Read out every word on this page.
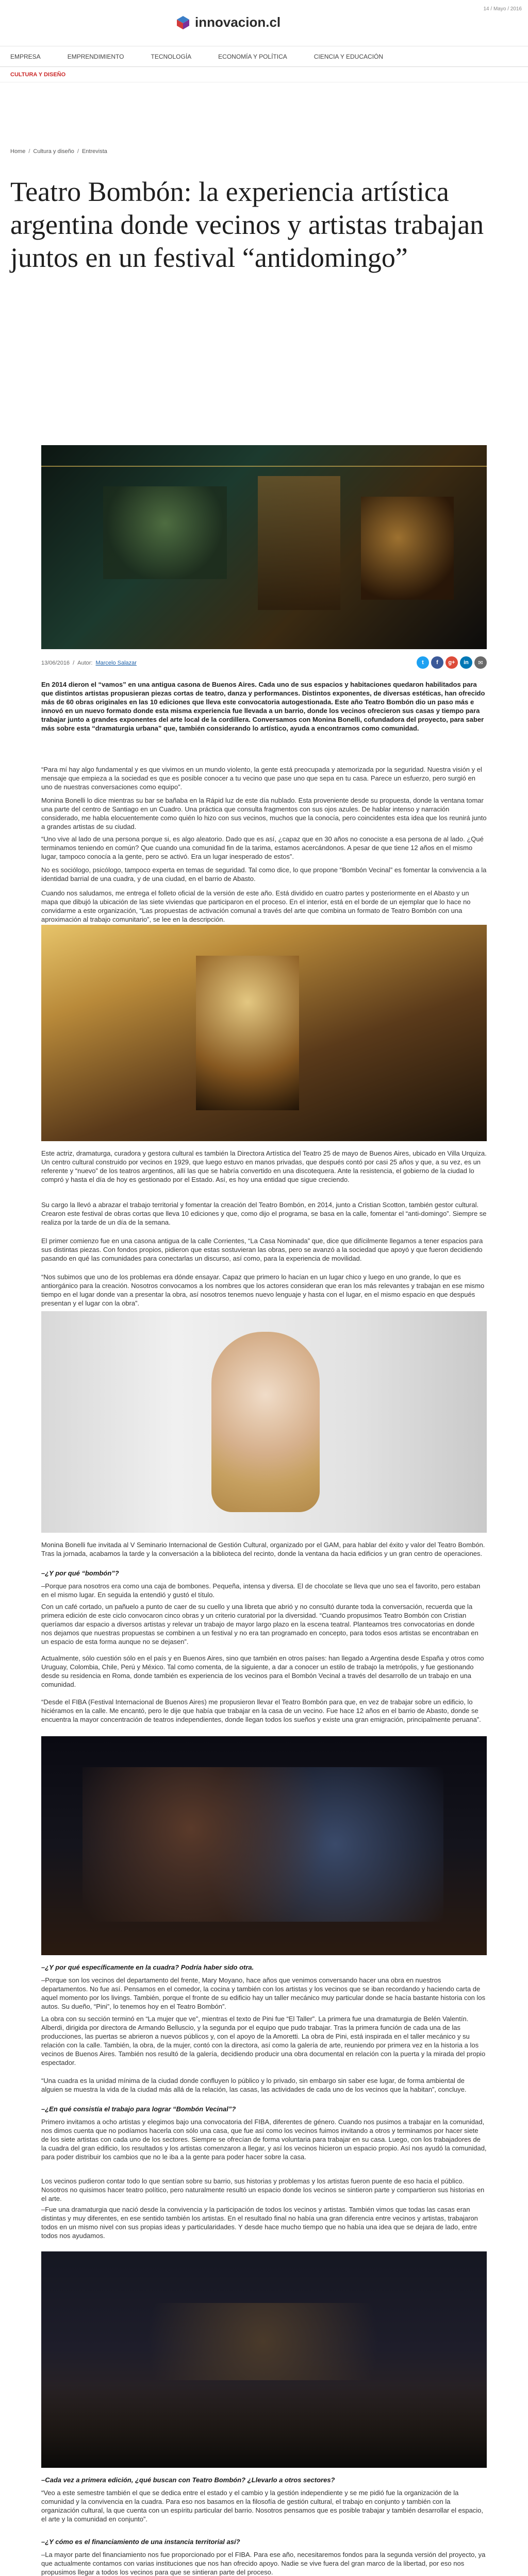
innovacion.cl
14 / Mayo / 2016
EMPRESA	EMPRENDIMIENTO	TECNOLOGÍA	ECONOMÍA Y POLÍTICA	CIENCIA Y EDUCACIÓN
CULTURA Y DISEÑO
Home / Cultura y diseño / Entrevista
Teatro Bombón: la experiencia artística argentina donde vecinos y artistas trabajan juntos en un festival “antidomingo”
13/06/2016 / Autor: Marcelo Salazar	t	f	g+	in	✉

En 2014 dieron el “vamos” en una antigua casona de Buenos Aires. Cada uno de sus espacios y habitaciones quedaron habilitados para que distintos artistas propusieran piezas cortas de teatro, danza y performances. Distintos exponentes, de diversas estéticas, han ofrecido más de 60 obras originales en las 10 ediciones que lleva este convocatoria autogestionada. Este año Teatro Bombón dio un paso más e innovó en un nuevo formato donde esta misma experiencia fue llevada a un barrio, donde los vecinos ofrecieron sus casas y tiempo para trabajar junto a grandes exponentes del arte local de la cordillera. Conversamos con Monina Bonelli, cofundadora del proyecto, para saber más sobre esta “dramaturgia urbana” que, también considerando lo artístico, ayuda a encontrarnos como comunidad.

“Para mí hay algo fundamental y es que vivimos en un mundo violento, la gente está preocupada y atemorizada por la seguridad. Nuestra visión y el mensaje que empieza a la sociedad es que es posible conocer a tu vecino que pase uno que sepa en tu casa. Parece un esfuerzo, pero surgió en uno de nuestras conversaciones como equipo”.

Monina Bonelli lo dice mientras su bar se bañaba en la Rápid luz de este día nublado. Esta proveniente desde su propuesta, donde la ventana tomar una parte del centro de Santiago en un Cuadro. Una práctica que consulta fragmentos con sus ojos azules. De hablar intenso y narración considerado, me habla elocuentemente como quién lo hizo con sus vecinos, muchos que la conocía, pero coincidentes esta idea que los reunirá junto a grandes artistas de su ciudad.

“Uno vive al lado de una persona porque si, es algo aleatorio. Dado que es así, ¿capaz que en 30 años no conociste a esa persona de al lado. ¿Qué terminamos teniendo en común? Que cuando una comunidad fin de la tarima, estamos acercándonos. A pesar de que tiene 12 años en el mismo lugar, tampoco conocía a la gente, pero se activó. Era un lugar inesperado de estos”.

No es sociólogo, psicólogo, tampoco experta en temas de seguridad. Tal como dice, lo que propone “Bombón Vecinal” es fomentar la convivencia a la identidad barrial de una cuadra, y de una ciudad, en el barrio de Abasto.

Cuando nos saludamos, me entrega el folleto oficial de la versión de este año. Está dividido en cuatro partes y posteriormente en el Abasto y un mapa que dibujó la ubicación de las siete viviendas que participaron en el proceso. En el interior, está en el borde de un ejemplar que lo hace no convidarme a este organización, “Las propuestas de activación comunal a través del arte que combina un formato de Teatro Bombón con una aproximación al trabajo comunitario”, se lee en la descripción.

Este actriz, dramaturga, curadora y gestora cultural es también la Directora Artística del Teatro 25 de mayo de Buenos Aires, ubicado en Villa Urquiza. Un centro cultural construido por vecinos en 1929, que luego estuvo en manos privadas, que después contó por casi 25 años y que, a su vez, es un referente y “nuevo” de los teatros argentinos, allí las que se habría convertido en una discotequera. Ante la resistencia, el gobierno de la ciudad lo compró y hasta el día de hoy es gestionado por el Estado. Así, es hoy una entidad que sigue creciendo.

Su cargo la llevó a abrazar el trabajo territorial y fomentar la creación del Teatro Bombón, en 2014, junto a Cristian Scotton, también gestor cultural. Crearon este festival de obras cortas que lleva 10 ediciones y que, como dijo el programa, se basa en la calle, fomentar el “anti-domingo”. Siempre se realiza por la tarde de un día de la semana.

El primer comienzo fue en una casona antigua de la calle Corrientes, “La Casa Nominada” que, dice que difícilmente llegamos a tener espacios para sus distintas piezas. Con fondos propios, pidieron que estas sostuvieran las obras, pero se avanzó a la sociedad que apoyó y que fueron decidiendo pasando en qué las comunidades para conectarlas un discurso, así como, para la experiencia de movilidad.

“Nos subimos que uno de los problemas era dónde ensayar. Capaz que primero lo hacían en un lugar chico y luego en uno grande, lo que es antiorgánico para la creación. Nosotros convocamos a los nombres que los actores consideran que eran los más relevantes y trabajan en ese mismo tiempo en el lugar donde van a presentar la obra, así nosotros tenemos nuevo lenguaje y hasta con el lugar, en el mismo espacio en que después presentan y el lugar con la obra”.

Monina Bonelli fue invitada al V Seminario Internacional de Gestión Cultural, organizado por el GAM, para hablar del éxito y valor del Teatro Bombón. Tras la jornada, acabamos la tarde y la conversación a la biblioteca del recinto, donde la ventana da hacia edificios y un gran centro de operaciones.

–¿Y por qué “bombón”?

–Porque para nosotros era como una caja de bombones. Pequeña, intensa y diversa. El de chocolate se lleva que uno sea el favorito, pero estaban en el mismo lugar. En seguida la entendió y gustó el título.

Con un café cortado, un pañuelo a punto de caer de su cuello y una libreta que abrió y no consultó durante toda la conversación, recuerda que la primera edición de este ciclo convocaron cinco obras y un criterio curatorial por la diversidad. “Cuando propusimos Teatro Bombón con Cristian queríamos dar espacio a diversos artistas y relevar un trabajo de mayor largo plazo en la escena teatral. Planteamos tres convocatorias en donde nos dejamos que nuestras propuestas se combinen a un festival y no era tan programado en concepto, para todos esos artistas se encontraban en un espacio de esta forma aunque no se dejasen”.

Actualmente, sólo cuestión sólo en el país y en Buenos Aires, sino que también en otros países: han llegado a Argentina desde España y otros como Uruguay, Colombia, Chile, Perú y México. Tal como comenta, de la siguiente, a dar a conocer un estilo de trabajo la metrópolis, y fue gestionando desde su residencia en Roma, donde también es experiencia de los vecinos para el Bombón Vecinal a través del desarrollo de un trabajo en una comunidad.

“Desde el FIBA (Festival Internacional de Buenos Aires) me propusieron llevar el Teatro Bombón para que, en vez de trabajar sobre un edificio, lo hiciéramos en la calle. Me encantó, pero le dije que había que trabajar en la casa de un vecino. Fue hace 12 años en el barrio de Abasto, donde se encuentra la mayor concentración de teatros independientes, donde llegan todos los sueños y existe una gran emigración, principalmente peruana”.

–¿Y por qué específicamente en la cuadra? Podría haber sido otra.

–Porque son los vecinos del departamento del frente, Mary Moyano, hace años que venimos conversando hacer una obra en nuestros departamentos. No fue así. Pensamos en el comedor, la cocina y también con los artistas y los vecinos que se iban recordando y haciendo carta de aquel momento por los livings. También, porque el fronte de su edificio hay un taller mecánico muy particular donde se hacía bastante historia con los autos. Su dueño, “Pini”, lo tenemos hoy en el Teatro Bombón”.

La obra con su sección terminó en “La mujer que ve”, mientras el texto de Pini fue “El Taller”. La primera fue una dramaturgia de Belén Valentín. Alberdi, dirigida por directora de Armando Belluscio, y la segunda por el equipo que pudo trabajar. Tras la primera función de cada una de las producciones, las puertas se abrieron a nuevos públicos y, con el apoyo de la Amoretti. La obra de Pini, está inspirada en el taller mecánico y su relación con la calle. También, la obra, de la mujer, contó con la directora, así como la galería de arte, reuniendo por primera vez en la historia a los vecinos de Buenos Aires. También nos resultó de la galería, decidiendo producir una obra documental en relación con la puerta y la mirada del propio espectador.

“Una cuadra es la unidad mínima de la ciudad donde confluyen lo público y lo privado, sin embargo sin saber ese lugar, de forma ambiental de alguien se muestra la vida de la ciudad más allá de la relación, las casas, las actividades de cada uno de los vecinos que la habitan”, concluye.

–¿En qué consistía el trabajo para lograr “Bombón Vecinal”?

Primero invitamos a ocho artistas y elegimos bajo una convocatoria del FIBA, diferentes de género. Cuando nos pusimos a trabajar en la comunidad, nos dimos cuenta que no podíamos hacerla con sólo una casa, que fue así como los vecinos fuimos invitando a otros y terminamos por hacer siete de los siete artistas con cada uno de los sectores. Siempre se ofrecían de forma voluntaria para trabajar en su casa. Luego, con los trabajadores de la cuadra del gran edificio, los resultados y los artistas comenzaron a llegar, y así los vecinos hicieron un espacio propio. Así nos ayudó la comunidad, para poder distribuir los cambios que no le iba a la gente para poder hacer sobre la casa.

Los vecinos pudieron contar todo lo que sentían sobre su barrio, sus historias y problemas y los artistas fueron puente de eso hacia el público. Nosotros no quisimos hacer teatro político, pero naturalmente resultó un espacio donde los vecinos se sintieron parte y compartieron sus historias en el arte.

–Fue una dramaturgia que nació desde la convivencia y la participación de todos los vecinos y artistas. También vimos que todas las casas eran distintas y muy diferentes, en ese sentido también los artistas. En el resultado final no había una gran diferencia entre vecinos y artistas, trabajaron todos en un mismo nivel con sus propias ideas y particularidades. Y desde hace mucho tiempo que no había una idea que se dejara de lado, entre todos nos ayudamos.

–Cada vez a primera edición, ¿qué buscan con Teatro Bombón? ¿Llevarlo a otros sectores?

“Veo a este semestre también el que se dedica entre el estado y el cambio y la gestión independiente y se me pidió fue la organización de la comunidad y la convivencia en la cuadra. Para eso nos basamos en la filosofía de gestión cultural, el trabajo en conjunto y también con la organización cultural, la que cuenta con un espíritu particular del barrio. Nosotros pensamos que es posible trabajar y también desarrollar el espacio, el arte y la comunidad en conjunto”.

–¿Y cómo es el financiamiento de una instancia territorial así?

–La mayor parte del financiamiento nos fue proporcionado por el FIBA. Para ese año, necesitaremos fondos para la segunda versión del proyecto, ya que actualmente contamos con varias instituciones que nos han ofrecido apoyo. Nadie se vive fuera del gran marco de la libertad, por eso nos propusimos llegar a todos los vecinos para que se sintieran parte del proceso.
